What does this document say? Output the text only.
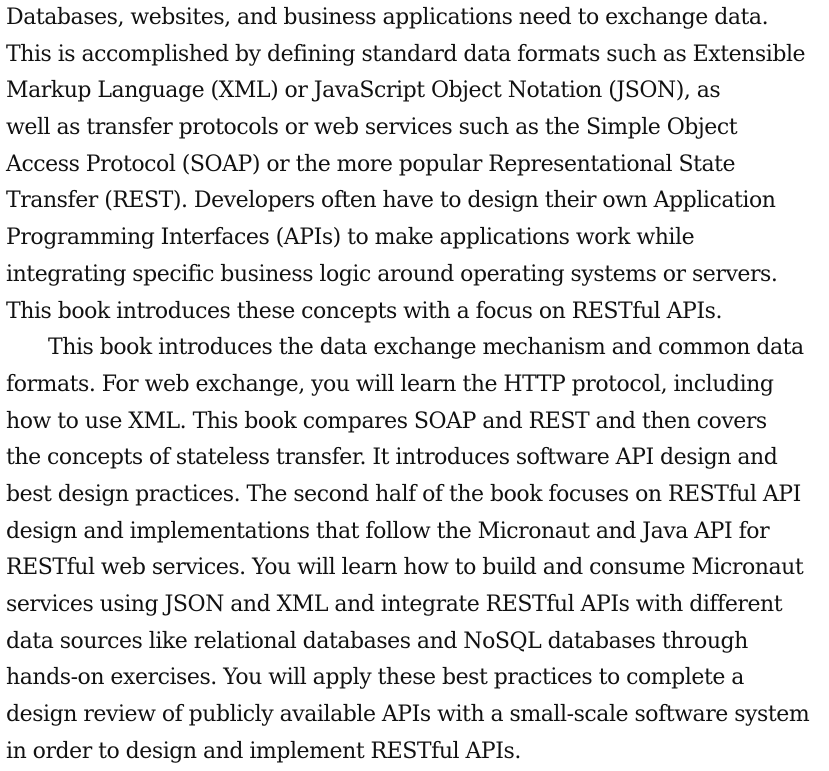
Databases, websites, and business applications need to exchange data.
This is accomplished by defining standard data formats such as Extensible
Markup Language (XML) or JavaScript Object Notation (JSON), as
well as transfer protocols or web services such as the Simple Object
Access Protocol (SOAP) or the more popular Representational State
Transfer (REST). Developers often have to design their own Application
Programming Interfaces (APIs) to make applications work while
integrating specific business logic around operating systems or servers.
This book introduces these concepts with a focus on RESTful APIs.
This book introduces the data exchange mechanism and common data
formats. For web exchange, you will learn the HTTP protocol, including
how to use XML. This book compares SOAP and REST and then covers
the concepts of stateless transfer. It introduces software API design and
best design practices. The second half of the book focuses on RESTful API
design and implementations that follow the Micronaut and Java API for
RESTful web services. You will learn how to build and consume Micronaut
services using JSON and XML and integrate RESTful APIs with different
data sources like relational databases and NoSQL databases through
hands-on exercises. You will apply these best practices to complete a
design review of publicly available APIs with a small-scale software system
in order to design and implement RESTful APIs.
